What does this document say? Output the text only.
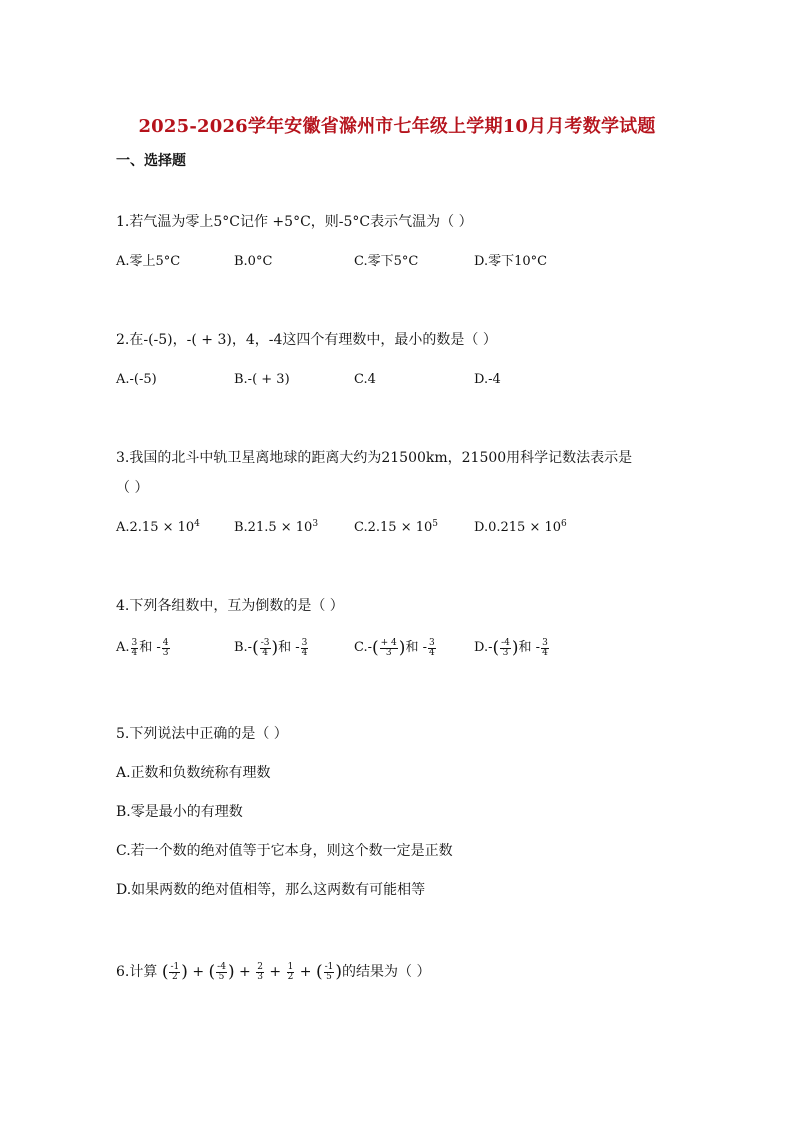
2025-2026学年安徽省滁州市七年级上学期10月月考数学试题
一、选择题
1.若气温为零上5°C记作 +5°C，则-5°C表示气温为（ ）
A.零上5°C	B.0°C	C.零下5°C	D.零下10°C
2.在-(-5)，-( + 3)，4，-4这四个有理数中，最小的数是（ ）
A.-(-5)	B.-( + 3)	C.4	D.-4
3.我国的北斗中轨卫星离地球的距离大约为21500km，21500用科学记数法表示是
（ ）
$A.2.15 \times 10^4$	$B.21.5 \times 10^3$	$C.2.15 \times 10^5$	$D.0.215 \times 10^6$
4.下列各组数中，互为倒数的是（ ）
A. $\frac{3}{4}$ 和 - $\frac{4}{3}$	$B.-( \frac{-3}{4}$ )和 - $\frac{3}{4}$	$C.-( \frac{+ 4}{3}$ )和 - $\frac{3}{4}$	$D.-( \frac{-4}{3}$ )和 - $\frac{3}{4}$
5.下列说法中正确的是（ ）
A.正数和负数统称有理数
B.零是最小的有理数
C.若一个数的绝对值等于它本身，则这个数一定是正数
D.如果两数的绝对值相等，那么这两数有可能相等
6.计算 ( $\frac{-1}{2}$ ) + ( $\frac{-4}{5}$ ) + $\frac{2}{3} + \frac{1}{2}$ + ( $\frac{-1}{5}$ )的结果为（ ）
